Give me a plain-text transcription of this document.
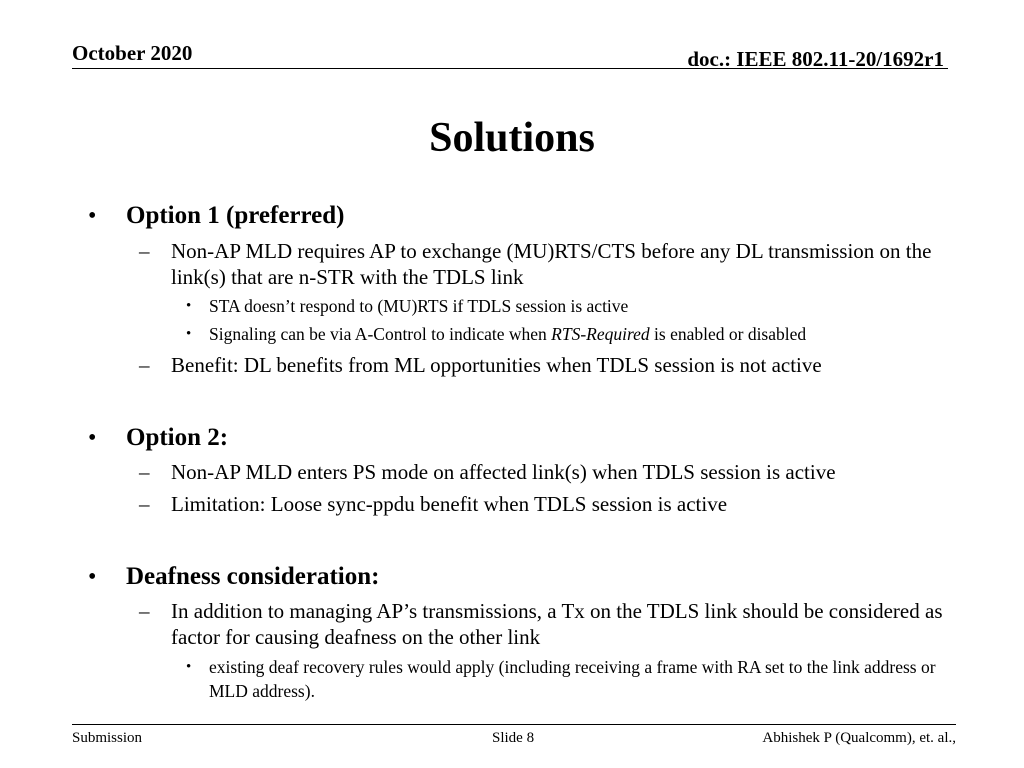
October 2020	doc.: IEEE 802.11-20/1692r1
Solutions
• Option 1 (preferred)
– Non-AP MLD requires AP to exchange (MU)RTS/CTS before any DL transmission on the link(s) that are n-STR with the TDLS link
• STA doesn’t respond to (MU)RTS if TDLS session is active
• Signaling can be via A-Control to indicate when RTS-Required is enabled or disabled
– Benefit: DL benefits from ML opportunities when TDLS session is not active
• Option 2:
– Non-AP MLD enters PS mode on affected link(s) when TDLS session is active
– Limitation: Loose sync-ppdu benefit when TDLS session is active
• Deafness consideration:
– In addition to managing AP’s transmissions, a Tx on the TDLS link should be considered as factor for causing deafness on the other link
• existing deaf recovery rules would apply (including receiving a frame with RA set to the link address or MLD address).
Submission	Slide 8	Abhishek P (Qualcomm), et. al.,
